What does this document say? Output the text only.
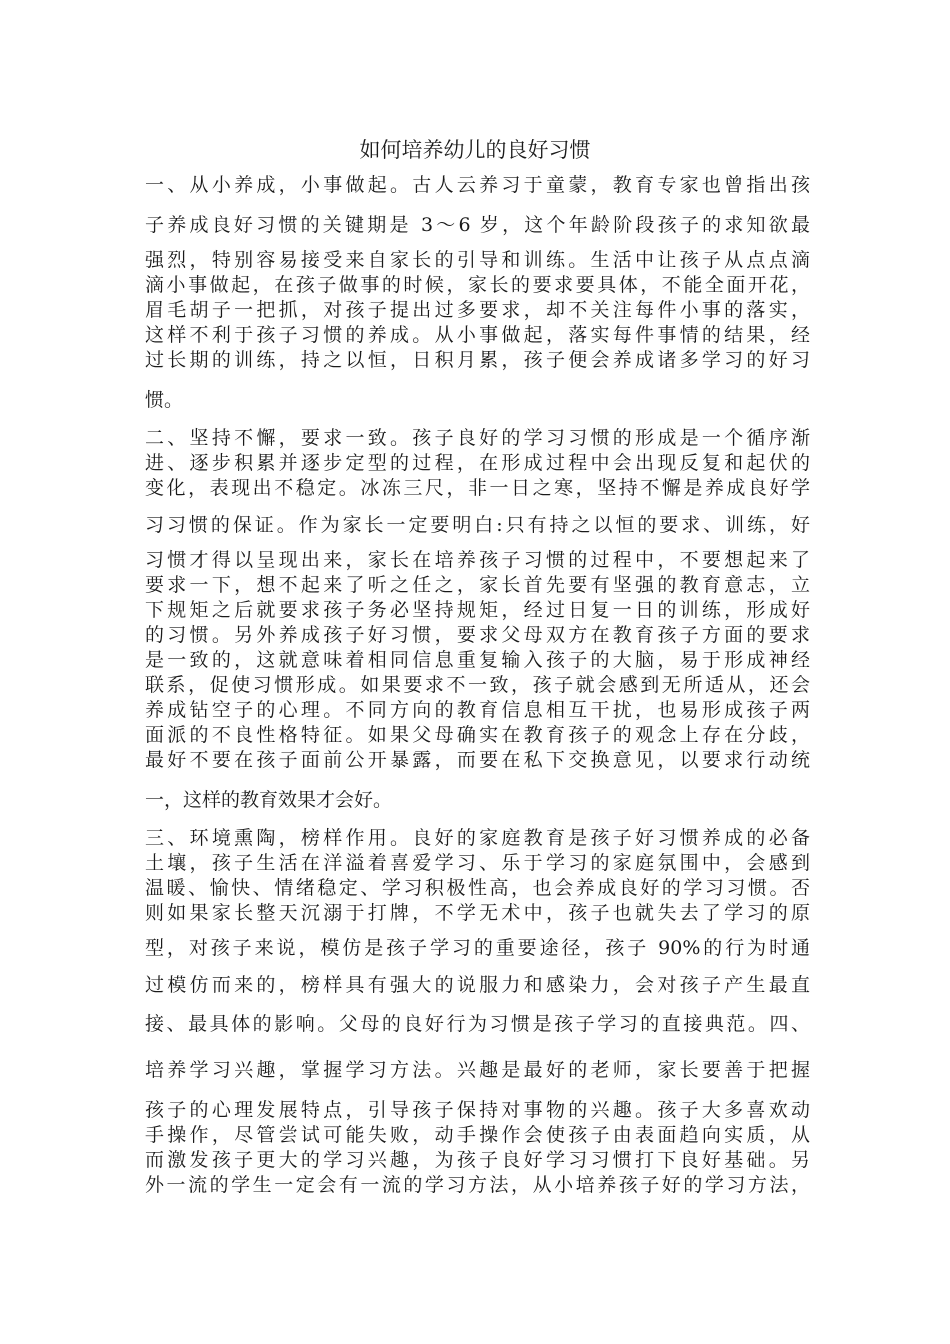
如何培养幼儿的良好习惯
一、从小养成，小事做起。古人云养习于童蒙，教育专家也曾指出孩
子养成良好习惯的关键期是 3～6 岁，这个年龄阶段孩子的求知欲最
强烈，特别容易接受来自家长的引导和训练。生活中让孩子从点点滴
滴小事做起，在孩子做事的时候，家长的要求要具体，不能全面开花，
眉毛胡子一把抓，对孩子提出过多要求，却不关注每件小事的落实，
这样不利于孩子习惯的养成。从小事做起，落实每件事情的结果，经
过长期的训练，持之以恒，日积月累，孩子便会养成诸多学习的好习
惯。
二、坚持不懈，要求一致。孩子良好的学习习惯的形成是一个循序渐
进、逐步积累并逐步定型的过程，在形成过程中会出现反复和起伏的
变化，表现出不稳定。冰冻三尺，非一日之寒，坚持不懈是养成良好学
习习惯的保证。作为家长一定要明白:只有持之以恒的要求、训练，好
习惯才得以呈现出来，家长在培养孩子习惯的过程中，不要想起来了
要求一下，想不起来了听之任之，家长首先要有坚强的教育意志，立
下规矩之后就要求孩子务必坚持规矩，经过日复一日的训练，形成好
的习惯。另外养成孩子好习惯，要求父母双方在教育孩子方面的要求
是一致的，这就意味着相同信息重复输入孩子的大脑，易于形成神经
联系，促使习惯形成。如果要求不一致，孩子就会感到无所适从，还会
养成钻空子的心理。不同方向的教育信息相互干扰，也易形成孩子两
面派的不良性格特征。如果父母确实在教育孩子的观念上存在分歧，
最好不要在孩子面前公开暴露，而要在私下交换意见，以要求行动统
一，这样的教育效果才会好。
三、环境熏陶，榜样作用。良好的家庭教育是孩子好习惯养成的必备
土壤，孩子生活在洋溢着喜爱学习、乐于学习的家庭氛围中，会感到
温暖、愉快、情绪稳定、学习积极性高，也会养成良好的学习习惯。否
则如果家长整天沉溺于打牌，不学无术中，孩子也就失去了学习的原
型，对孩子来说，模仿是孩子学习的重要途径，孩子 90%的行为时通
过模仿而来的，榜样具有强大的说服力和感染力，会对孩子产生最直
接、最具体的影响。父母的良好行为习惯是孩子学习的直接典范。四、
培养学习兴趣，掌握学习方法。兴趣是最好的老师，家长要善于把握
孩子的心理发展特点，引导孩子保持对事物的兴趣。孩子大多喜欢动
手操作，尽管尝试可能失败，动手操作会使孩子由表面趋向实质，从
而激发孩子更大的学习兴趣，为孩子良好学习习惯打下良好基础。另
外一流的学生一定会有一流的学习方法，从小培养孩子好的学习方法，
